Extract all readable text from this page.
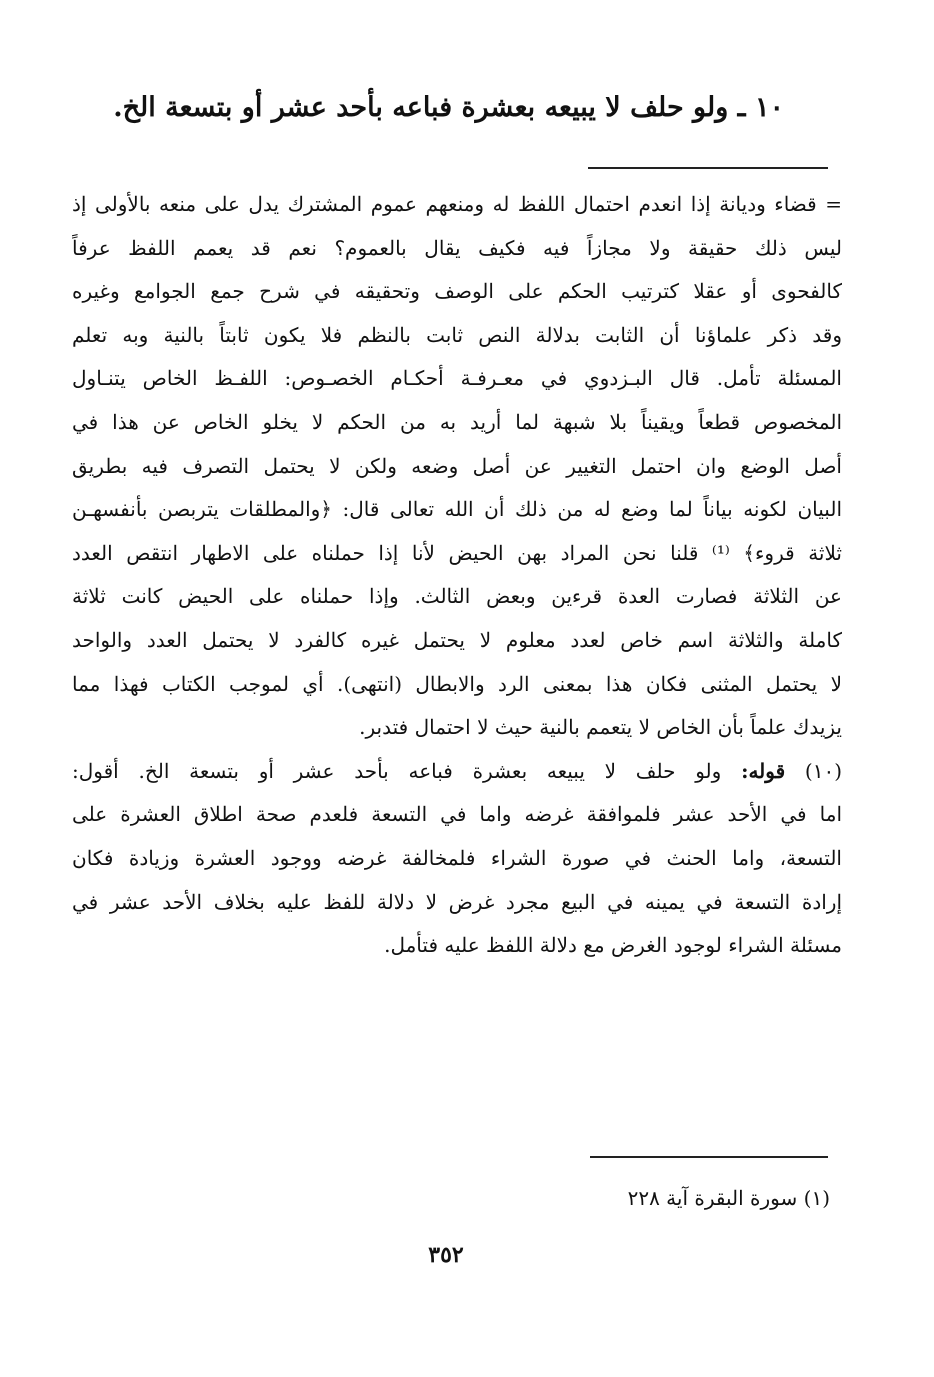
١٠ ـ ولو حلف لا يبيعه بعشرة فباعه بأحد عشر أو بتسعة الخ.
= قضاء وديانة إذا انعدم احتمال اللفظ له ومنعهم عموم المشترك يدل على منعه بالأولى إذ
ليس ذلك حقيقة ولا مجازاً فيه فكيف يقال بالعموم؟ نعم قد يعمم اللفظ عرفاً
كالفحوى أو عقلا كترتيب الحكم على الوصف وتحقيقه في شرح جمع الجوامع وغيره
وقد ذكر علماؤنا أن الثابت بدلالة النص ثابت بالنظم فلا يكون ثابتاً بالنية وبه تعلم
المسئلة تأمل. قال البـزدوي في معـرفـة أحكـام الخصـوص: اللفـظ الخاص يتنـاول
المخصوص قطعاً ويقيناً بلا شبهة لما أريد به من الحكم لا يخلو الخاص عن هذا في
أصل الوضع وان احتمل التغيير عن أصل وضعه ولكن لا يحتمل التصرف فيه بطريق
البيان لكونه بياناً لما وضع له من ذلك أن الله تعالى قال: ﴿والمطلقات يتربصن بأنفسهـن
ثلاثة قروء﴾ ⁽¹⁾ قلنا نحن المراد بهن الحيض لأنا إذا حملناه على الاطهار انتقص العدد
عن الثلاثة فصارت العدة قرءين وبعض الثالث. وإذا حملناه على الحيض كانت ثلاثة
كاملة والثلاثة اسم خاص لعدد معلوم لا يحتمل غيره كالفرد لا يحتمل العدد والواحد
لا يحتمل المثنى فكان هذا بمعنى الرد والابطال (انتهى). أي لموجب الكتاب فهذا مما
يزيدك علماً بأن الخاص لا يتعمم بالنية حيث لا احتمال فتدبر.
(١٠) قوله: ولو حلف لا يبيعه بعشرة فباعه بأحد عشر أو بتسعة الخ. أقول:
اما في الأحد عشر فلموافقة غرضه واما في التسعة فلعدم صحة اطلاق العشرة على
التسعة، واما الحنث في صورة الشراء فلمخالفة غرضه ووجود العشرة وزيادة فكان
إرادة التسعة في يمينه في البيع مجرد غرض لا دلالة للفظ عليه بخلاف الأحد عشر في
مسئلة الشراء لوجود الغرض مع دلالة اللفظ عليه فتأمل.
(١) سورة البقرة آية ٢٢٨
٣٥٢
